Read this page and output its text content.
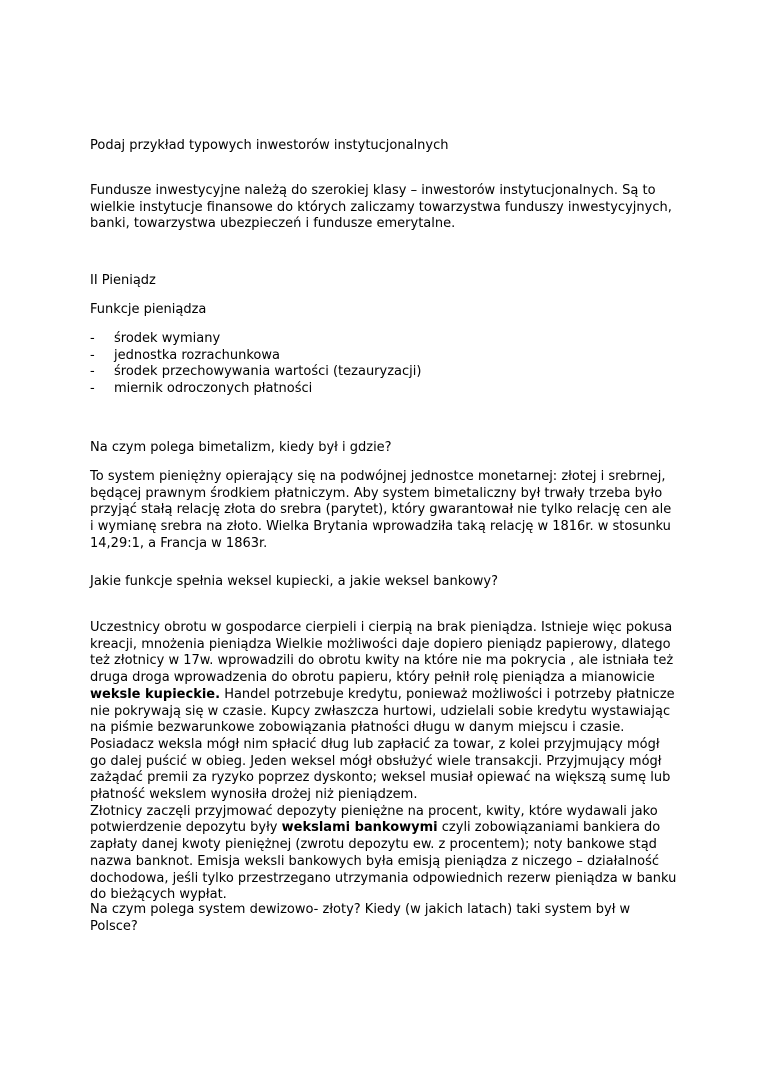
Podaj przykład typowych inwestorów instytucjonalnych

Fundusze inwestycyjne należą do szerokiej klasy – inwestorów instytucjonalnych. Są to
wielkie instytucje finansowe do których zaliczamy towarzystwa funduszy inwestycyjnych,
banki, towarzystwa ubezpieczeń i fundusze emerytalne.

II Pieniądz

Funkcje pieniądza

- środek wymiany
- jednostka rozrachunkowa
- środek przechowywania wartości (tezauryzacji)
- miernik odroczonych płatności

Na czym polega bimetalizm, kiedy był i gdzie?

To system pieniężny opierający się na podwójnej jednostce monetarnej: złotej i srebrnej,
będącej prawnym środkiem płatniczym. Aby system bimetaliczny był trwały trzeba było
przyjąć stałą relację złota do srebra (parytet), który gwarantował nie tylko relację cen ale
i wymianę srebra na złoto. Wielka Brytania wprowadziła taką relację w 1816r. w stosunku
14,29:1, a Francja w 1863r.

Jakie funkcje spełnia weksel kupiecki, a jakie weksel bankowy?

Uczestnicy obrotu w gospodarce cierpieli i cierpią na brak pieniądza. Istnieje więc pokusa
kreacji, mnożenia pieniądza Wielkie możliwości daje dopiero pieniądz papierowy, dlatego
też złotnicy w 17w. wprowadzili do obrotu kwity na które nie ma pokrycia , ale istniała też
druga droga wprowadzenia do obrotu papieru, który pełnił rolę pieniądza a mianowicie
weksle kupieckie. Handel potrzebuje kredytu, ponieważ możliwości i potrzeby płatnicze
nie pokrywają się w czasie. Kupcy zwłaszcza hurtowi, udzielali sobie kredytu wystawiając
na piśmie bezwarunkowe zobowiązania płatności długu w danym miejscu i czasie.
Posiadacz weksla mógł nim spłacić dług lub zapłacić za towar, z kolei przyjmujący mógł
go dalej puścić w obieg. Jeden weksel mógł obsłużyć wiele transakcji. Przyjmujący mógł
zażądać premii za ryzyko poprzez dyskonto; weksel musiał opiewać na większą sumę lub
płatność wekslem wynosiła drożej niż pieniądzem.
Złotnicy zaczęli przyjmować depozyty pieniężne na procent, kwity, które wydawali jako
potwierdzenie depozytu były wekslami bankowymi czyli zobowiązaniami bankiera do
zapłaty danej kwoty pieniężnej (zwrotu depozytu ew. z procentem); noty bankowe stąd
nazwa banknot. Emisja weksli bankowych była emisją pieniądza z niczego – działalność
dochodowa, jeśli tylko przestrzegano utrzymania odpowiednich rezerw pieniądza w banku
do bieżących wypłat.
Na czym polega system dewizowo- złoty? Kiedy (w jakich latach) taki system był w
Polsce?
